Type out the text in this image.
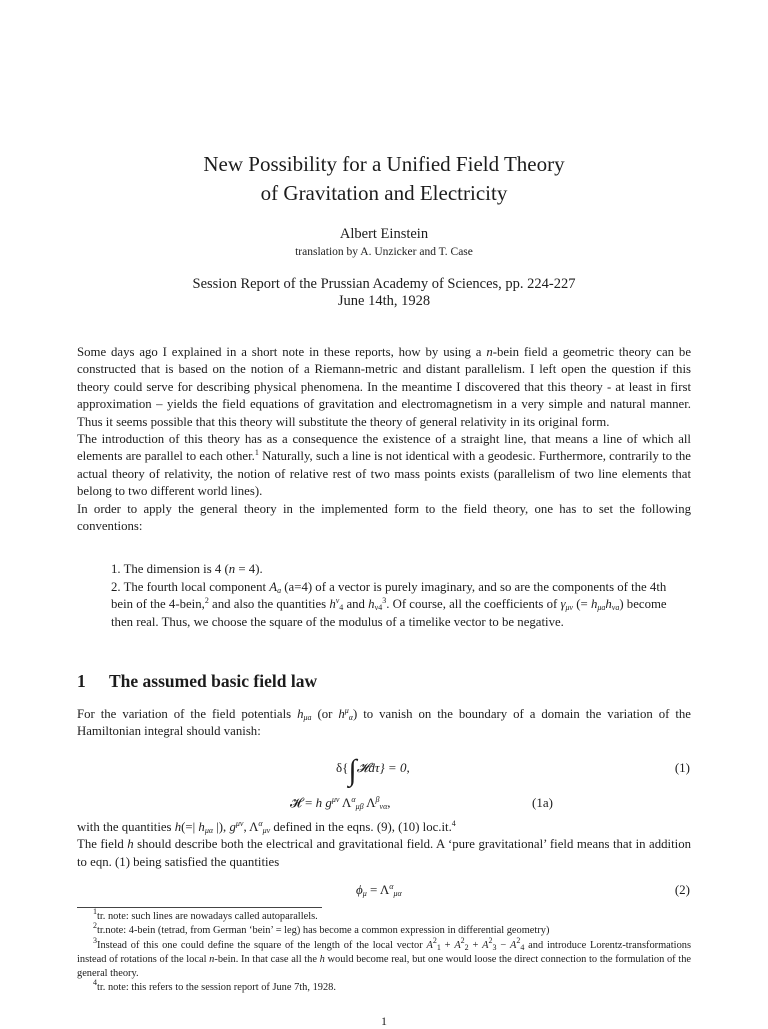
New Possibility for a Unified Field Theory
of Gravitation and Electricity
Albert Einstein
translation by A. Unzicker and T. Case
Session Report of the Prussian Academy of Sciences, pp. 224-227
June 14th, 1928

Some days ago I explained in a short note in these reports, how by using a n-bein field a geometric theory can be constructed that is based on the notion of a Riemann-metric and distant parallelism. I left open the question if this theory could serve for describing physical phenomena. In the meantime I discovered that this theory - at least in first approximation – yields the field equations of gravitation and electromagnetism in a very simple and natural manner. Thus it seems possible that this theory will substitute the theory of general relativity in its original form.

The introduction of this theory has as a consequence the existence of a straight line, that means a line of which all elements are parallel to each other.$^1$ Naturally, such a line is not identical with a geodesic. Furthermore, contrarily to the actual theory of relativity, the notion of relative rest of two mass points exists (parallelism of two line elements that belong to two different world lines).

In order to apply the general theory in the implemented form to the field theory, one has to set the following conventions:

1. The dimension is 4 (n = 4).
2. The fourth local component $A_a$ (a=4) of a vector is purely imaginary, and so are the components of the 4th bein of the 4-bein,$^2$ and also the quantities $h^\nu_4$ and $h_{\nu 4}^3$. Of course, all the coefficients of $\gamma_{\mu\nu}$ (= $h_{\mu a}h_{\nu a}$) become then real. Thus, we choose the square of the modulus of a timelike vector to be negative.
1 The assumed basic field law

For the variation of the field potentials $h_{\mu a}$ (or $h^\mu_\alpha$) to vanish on the boundary of a domain the variation of the Hamiltonian integral should vanish:

δ{∫𝓗dτ} = 0,	(1)
𝓗 = h $g^{\mu\nu}$ $\Lambda^\alpha_{\mu\beta}$ $\Lambda^\beta_{\nu\alpha}$,	(1a)

with the quantities h(=| $h_{\mu\alpha}$ |), $g^{\mu\nu}$, $\Lambda^\alpha_{\mu\nu}$ defined in the eqns. (9), (10) loc.it.$^4$

The field h should describe both the electrical and gravitational field. A ‘pure gravitational’ field means that in addition to eqn. (1) being satisfied the quantities

$\phi_\mu = \Lambda^\alpha_{\mu\alpha}$	(2)

$^1$tr. note: such lines are nowadays called autoparallels.

$^2$tr.note: 4-bein (tetrad, from German ‘bein’ = leg) has become a common expression in differential geometry)

$^3$Instead of this one could define the square of the length of the local vector $A^2_1 + A^2_2 + A^2_3 - A^2_4$ and introduce Lorentz-transformations instead of rotations of the local n-bein. In that case all the h would become real, but one would loose the direct connection to the formulation of the general theory.

$^4$tr. note: this refers to the session report of June 7th, 1928.

1
